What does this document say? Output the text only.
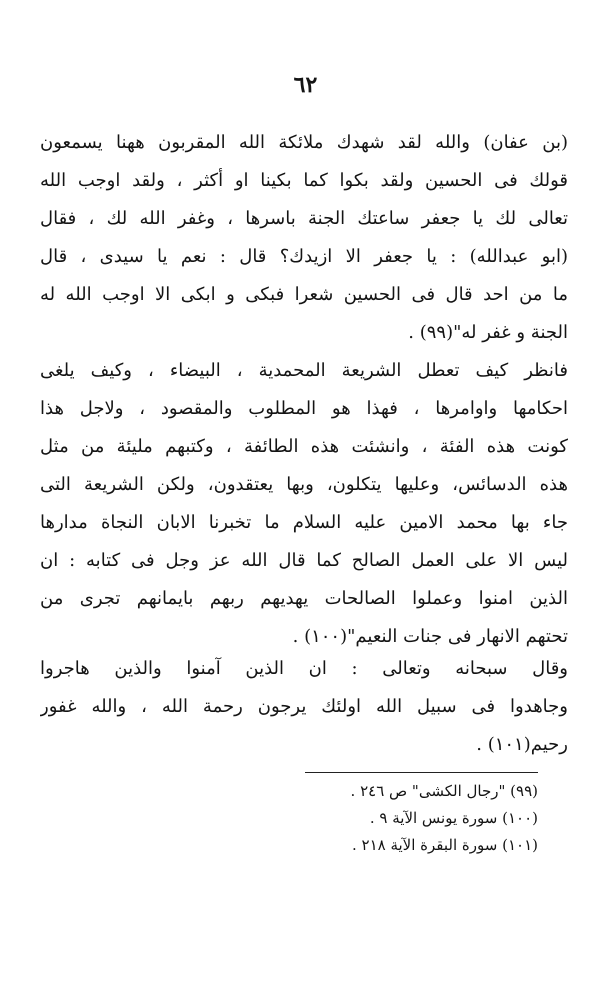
٦٢
(بن عفان) والله لقد شهدك ملائكة الله المقربون ههنا يسمعون
قولك فى الحسين ولقد بكوا كما بكينا او أكثر ، ولقد اوجب الله
تعالى لك يا جعفر ساعتك الجنة باسرها ، وغفر الله لك ، فقال
(ابو عبدالله) : يا جعفر الا ازيدك؟ قال : نعم يا سيدى ، قال
ما من احد قال فى الحسين شعرا فبكى و ابكى الا اوجب الله له
الجنة و غفر له"(٩٩) .
فانظر كيف تعطل الشريعة المحمدية ، البيضاء ، وكيف يلغى
احكامها واوامرها ، فهذا هو المطلوب والمقصود ، ولاجل هذا
كونت هذه الفئة ، وانشئت هذه الطائفة ، وكتبهم مليئة من مثل
هذه الدسائس، وعليها يتكلون، وبها يعتقدون، ولكن الشريعة التى
جاء بها محمد الامين عليه السلام ما تخبرنا الابان النجاة مدارها
ليس الا على العمل الصالح كما قال الله عز وجل فى كتابه : ان
الذين امنوا وعملوا الصالحات يهديهم ربهم بايمانهم تجرى من
تحتهم الانهار فى جنات النعيم"(١٠٠) .
وقال سبحانه وتعالى : ان الذين آمنوا والذين هاجروا
وجاهدوا فى سبيل الله اولئك يرجون رحمة الله ، والله غفور
رحيم(١٠١) .
(٩٩) "رجال الكشى" ص ٢٤٦ .
(١٠٠) سورة يونس الآية ٩ .
(١٠١) سورة البقرة الآية ٢١٨ .
